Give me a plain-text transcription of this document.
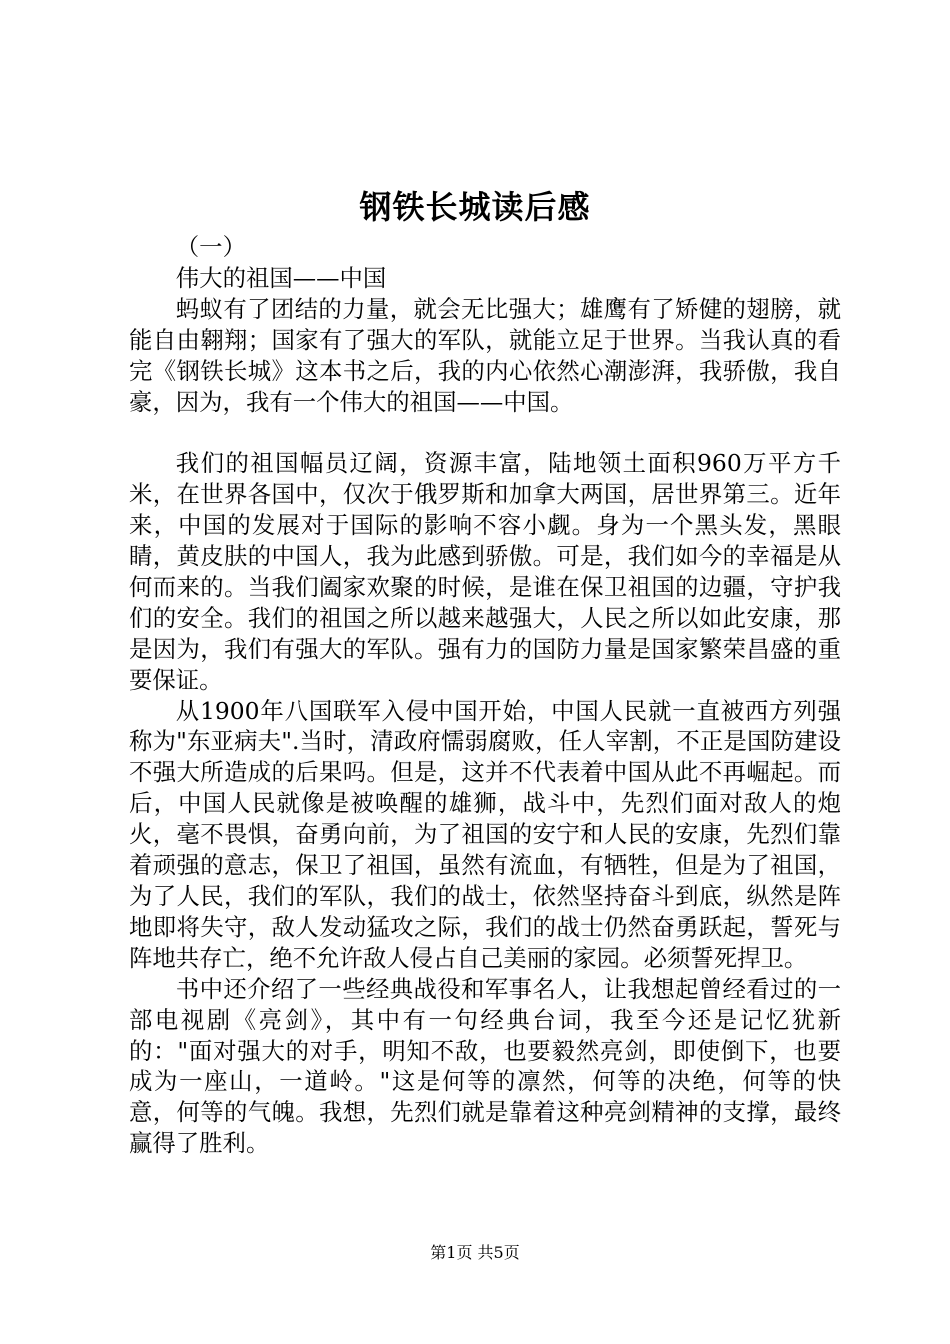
钢铁长城读后感

（一）

伟大的祖国——中国

蚂蚁有了团结的力量，就会无比强大；雄鹰有了矫健的翅膀，就能自由翱翔；国家有了强大的军队，就能立足于世界。当我认真的看完《钢铁长城》这本书之后，我的内心依然心潮澎湃，我骄傲，我自豪，因为，我有一个伟大的祖国——中国。

我们的祖国幅员辽阔，资源丰富，陆地领土面积960万平方千米，在世界各国中，仅次于俄罗斯和加拿大两国，居世界第三。近年来，中国的发展对于国际的影响不容小觑。身为一个黑头发，黑眼睛，黄皮肤的中国人，我为此感到骄傲。可是，我们如今的幸福是从何而来的。当我们阖家欢聚的时候，是谁在保卫祖国的边疆，守护我们的安全。我们的祖国之所以越来越强大，人民之所以如此安康，那是因为，我们有强大的军队。强有力的国防力量是国家繁荣昌盛的重要保证。

从1900年八国联军入侵中国开始，中国人民就一直被西方列强称为"东亚病夫".当时，清政府懦弱腐败，任人宰割，不正是国防建设不强大所造成的后果吗。但是，这并不代表着中国从此不再崛起。而后，中国人民就像是被唤醒的雄狮，战斗中，先烈们面对敌人的炮火，毫不畏惧，奋勇向前，为了祖国的安宁和人民的安康，先烈们靠着顽强的意志，保卫了祖国，虽然有流血，有牺牲，但是为了祖国，为了人民，我们的军队，我们的战士，依然坚持奋斗到底，纵然是阵地即将失守，敌人发动猛攻之际，我们的战士仍然奋勇跃起，誓死与阵地共存亡，绝不允许敌人侵占自己美丽的家园。必须誓死捍卫。

书中还介绍了一些经典战役和军事名人，让我想起曾经看过的一部电视剧《亮剑》，其中有一句经典台词，我至今还是记忆犹新的："面对强大的对手，明知不敌，也要毅然亮剑，即使倒下，也要成为一座山，一道岭。"这是何等的凛然，何等的决绝，何等的快意，何等的气魄。我想，先烈们就是靠着这种亮剑精神的支撑，最终赢得了胜利。

第1页 共5页
